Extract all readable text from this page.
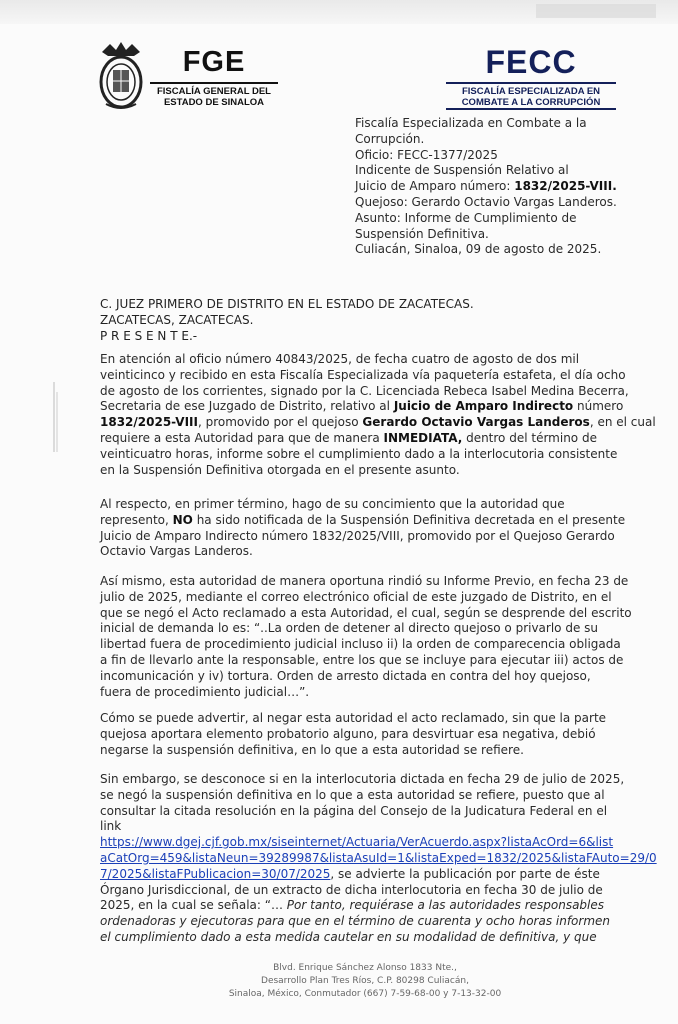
FGE
FISCALÍA GENERAL DEL
ESTADO DE SINALOA
FECC
FISCALÍA ESPECIALIZADA EN
COMBATE A LA CORRUPCIÓN
Fiscalía Especializada en Combate a la
Corrupción.
Oficio: FECC-1377/2025
Indicente de Suspensión Relativo al
Juicio de Amparo número: 1832/2025-VIII.
Quejoso: Gerardo Octavio Vargas Landeros.
Asunto: Informe de Cumplimiento de
Suspensión Definitiva.
Culiacán, Sinaloa, 09 de agosto de 2025.
C. JUEZ PRIMERO DE DISTRITO EN EL ESTADO DE ZACATECAS.
ZACATECAS, ZACATECAS.
P R E S E N T E.-
En atención al oficio número 40843/2025, de fecha cuatro de agosto de dos mil
veinticinco y recibido en esta Fiscalía Especializada vía paquetería estafeta, el día ocho
de agosto de los corrientes, signado por la C. Licenciada Rebeca Isabel Medina Becerra,
Secretaria de ese Juzgado de Distrito, relativo al Juicio de Amparo Indirecto número
1832/2025-VIII, promovido por el quejoso Gerardo Octavio Vargas Landeros, en el cual
requiere a esta Autoridad para que de manera INMEDIATA, dentro del término de
veinticuatro horas, informe sobre el cumplimiento dado a la interlocutoria consistente
en la Suspensión Definitiva otorgada en el presente asunto.
Al respecto, en primer término, hago de su concimiento que la autoridad que
represento, NO ha sido notificada de la Suspensión Definitiva decretada en el presente
Juicio de Amparo Indirecto número 1832/2025/VIII, promovido por el Quejoso Gerardo
Octavio Vargas Landeros.
Así mismo, esta autoridad de manera oportuna rindió su Informe Previo, en fecha 23 de
julio de 2025, mediante el correo electrónico oficial de este juzgado de Distrito, en el
que se negó el Acto reclamado a esta Autoridad, el cual, según se desprende del escrito
inicial de demanda lo es: “..La orden de detener al directo quejoso o privarlo de su
libertad fuera de procedimiento judicial incluso ii) la orden de comparecencia obligada
a fin de llevarlo ante la responsable, entre los que se incluye para ejecutar iii) actos de
incomunicación y iv) tortura. Orden de arresto dictada en contra del hoy quejoso,
fuera de procedimiento judicial…”.
Cómo se puede advertir, al negar esta autoridad el acto reclamado, sin que la parte
quejosa aportara elemento probatorio alguno, para desvirtuar esa negativa, debió
negarse la suspensión definitiva, en lo que a esta autoridad se refiere.
Sin embargo, se desconoce si en la interlocutoria dictada en fecha 29 de julio de 2025,
se negó la suspensión definitiva en lo que a esta autoridad se refiere, puesto que al
consultar la citada resolución en la página del Consejo de la Judicatura Federal en el
link
https://www.dgej.cjf.gob.mx/siseinternet/Actuaria/VerAcuerdo.aspx?listaAcOrd=6&list
aCatOrg=459&listaNeun=39289987&listaAsuId=1&listaExped=1832/2025&listaFAuto=29/0
7/2025&listaFPublicacion=30/07/2025, se advierte la publicación por parte de éste
Órgano Jurisdiccional, de un extracto de dicha interlocutoria en fecha 30 de julio de
2025, en la cual se señala: “… Por tanto, requiérase a las autoridades responsables
ordenadoras y ejecutoras para que en el término de cuarenta y ocho horas informen
el cumplimiento dado a esta medida cautelar en su modalidad de definitiva, y que
Blvd. Enrique Sánchez Alonso 1833 Nte.,
Desarrollo Plan Tres Ríos, C.P. 80298 Culiacán,
Sinaloa, México, Conmutador (667) 7-59-68-00 y 7-13-32-00
